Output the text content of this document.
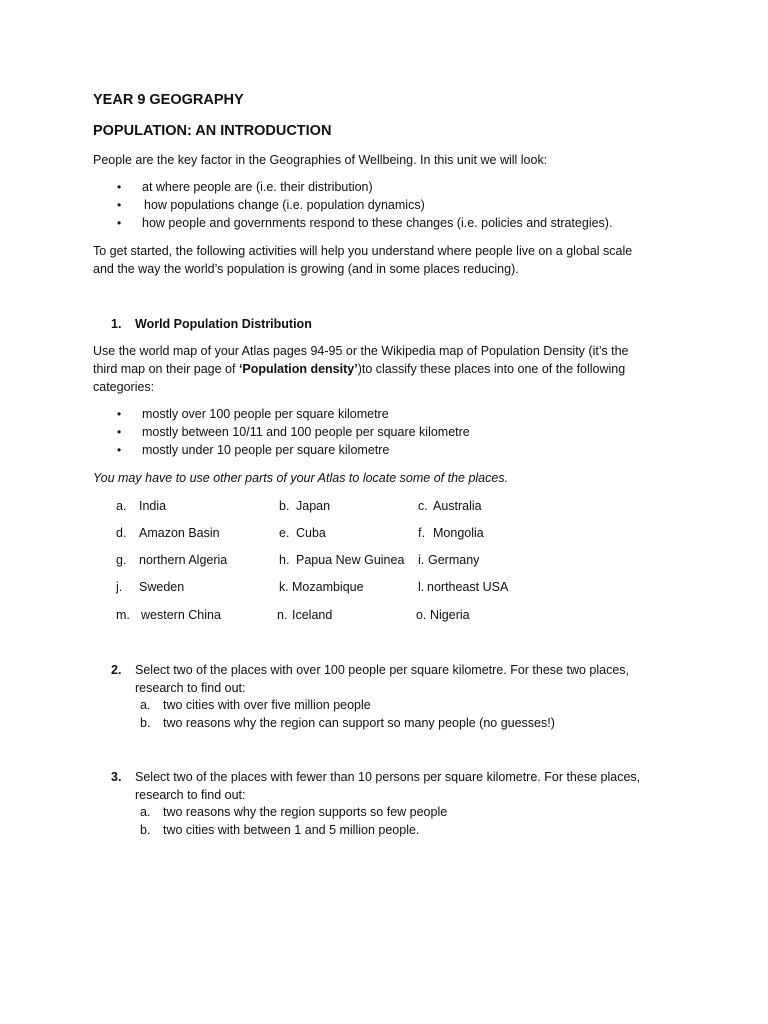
YEAR 9 GEOGRAPHY
POPULATION: AN INTRODUCTION
People are the key factor in the Geographies of Wellbeing. In this unit we will look:
• at where people are (i.e. their distribution)
• how populations change (i.e. population dynamics)
• how people and governments respond to these changes (i.e. policies and strategies).
To get started, the following activities will help you understand where people live on a global scale
and the way the world’s population is growing (and in some places reducing).
1. World Population Distribution
Use the world map of your Atlas pages 94-95 or the Wikipedia map of Population Density (it’s the
third map on their page of ‘Population density’)to classify these places into one of the following
categories:
• mostly over 100 people per square kilometre
• mostly between 10/11 and 100 people per square kilometre
• mostly under 10 people per square kilometre
You may have to use other parts of your Atlas to locate some of the places.
a. India	b. Japan	c. Australia
d. Amazon Basin	e. Cuba	f. Mongolia
g. northern Algeria	h. Papua New Guinea i. Germany
j. Sweden	k. Mozambique	l. northeast USA
m. western China	n. Iceland	o. Nigeria
2. Select two of the places with over 100 people per square kilometre. For these two places,
research to find out:
a. two cities with over five million people
b. two reasons why the region can support so many people (no guesses!)
3. Select two of the places with fewer than 10 persons per square kilometre. For these places,
research to find out:
a. two reasons why the region supports so few people
b. two cities with between 1 and 5 million people.
